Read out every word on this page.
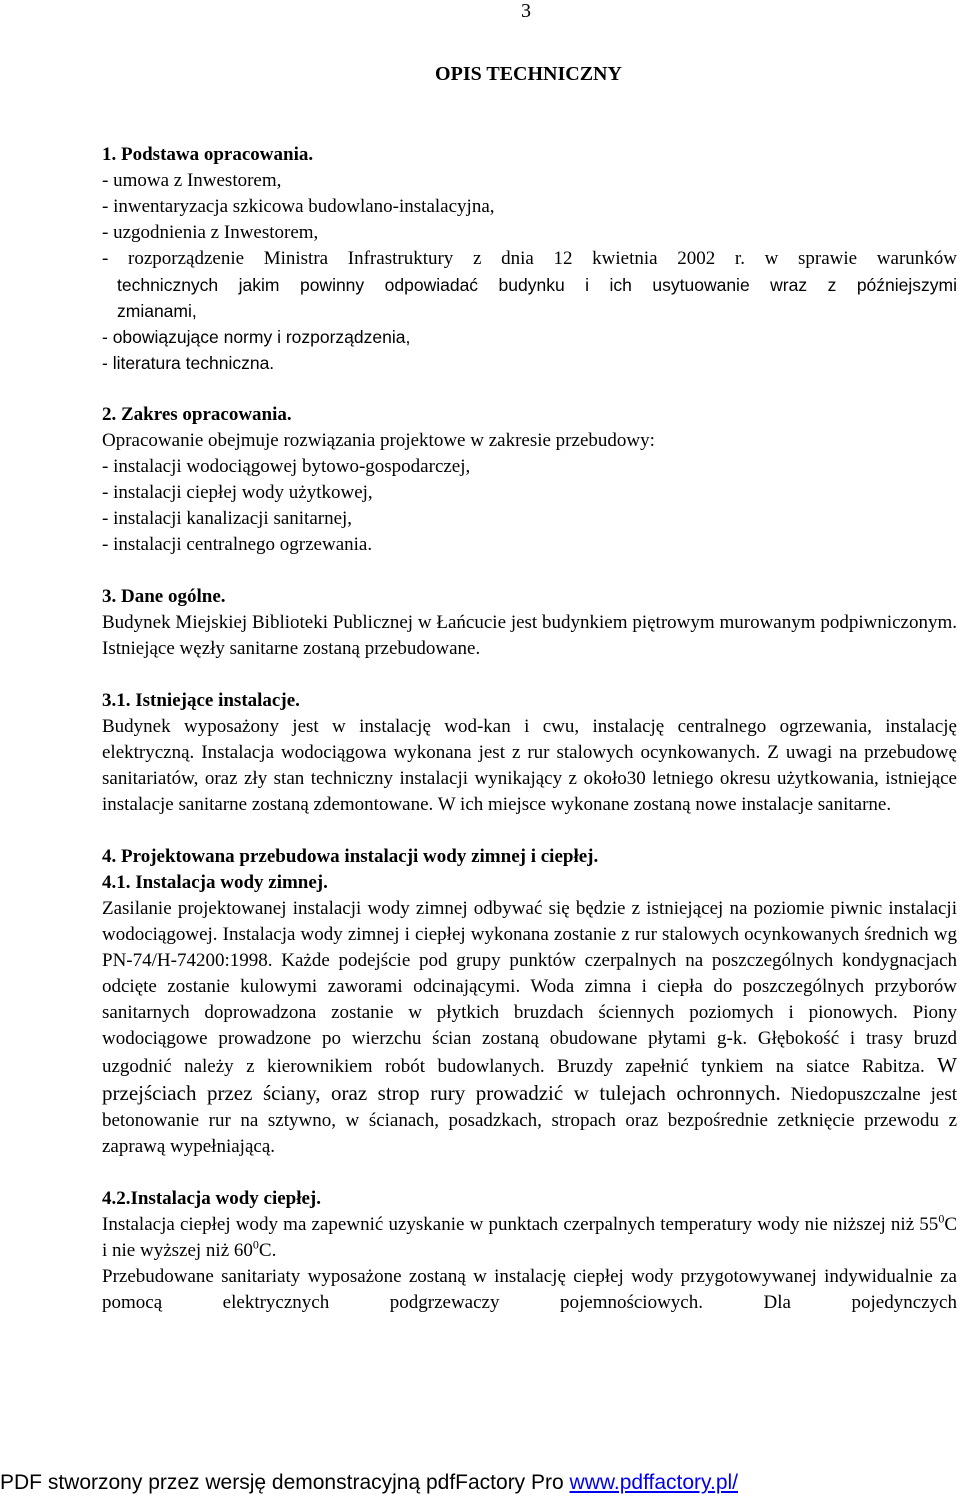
3
OPIS TECHNICZNY
1. Podstawa opracowania.
- umowa z Inwestorem,
- inwentaryzacja szkicowa budowlano-instalacyjna,
- uzgodnienia z Inwestorem,
- rozporządzenie Ministra Infrastruktury z dnia 12 kwietnia 2002 r. w sprawie warunków
technicznych jakim powinny odpowiadać budynku i ich usytuowanie wraz z późniejszymi
zmianami,
- obowiązujące normy i rozporządzenia,
- literatura techniczna.
2. Zakres opracowania.
Opracowanie obejmuje rozwiązania projektowe w zakresie przebudowy:
- instalacji wodociągowej bytowo-gospodarczej,
- instalacji ciepłej wody użytkowej,
- instalacji kanalizacji sanitarnej,
- instalacji centralnego ogrzewania.
3. Dane ogólne.
Budynek Miejskiej Biblioteki Publicznej w Łańcucie jest budynkiem piętrowym murowanym podpiwniczonym. Istniejące węzły sanitarne zostaną przebudowane.
3.1. Istniejące instalacje.
Budynek wyposażony jest w instalację wod-kan i cwu, instalację centralnego ogrzewania, instalację elektryczną. Instalacja wodociągowa wykonana jest z rur stalowych ocynkowanych. Z uwagi na przebudowę sanitariatów, oraz zły stan techniczny instalacji wynikający z około30 letniego okresu użytkowania, istniejące instalacje sanitarne zostaną zdemontowane. W ich miejsce wykonane zostaną nowe instalacje sanitarne.
4. Projektowana przebudowa instalacji wody zimnej i ciepłej.
4.1. Instalacja wody zimnej.
Zasilanie projektowanej instalacji wody zimnej odbywać się będzie z istniejącej na poziomie piwnic instalacji wodociągowej. Instalacja wody zimnej i ciepłej wykonana zostanie z rur stalowych ocynkowanych średnich wg PN-74/H-74200:1998. Każde podejście pod grupy punktów czerpalnych na poszczególnych kondygnacjach odcięte zostanie kulowymi zaworami odcinającymi. Woda zimna i ciepła do poszczególnych przyborów sanitarnych doprowadzona zostanie w płytkich bruzdach ściennych poziomych i pionowych. Piony wodociągowe prowadzone po wierzchu ścian zostaną obudowane płytami g-k. Głębokość i trasy bruzd uzgodnić należy z kierownikiem robót budowlanych. Bruzdy zapełnić tynkiem na siatce Rabitza. W przejściach przez ściany, oraz strop rury prowadzić w tulejach ochronnych. Niedopuszczalne jest betonowanie rur na sztywno, w ścianach, posadzkach, stropach oraz bezpośrednie zetknięcie przewodu z zaprawą wypełniającą.
4.2.Instalacja wody ciepłej.
Instalacja ciepłej wody ma zapewnić uzyskanie w punktach czerpalnych temperatury wody nie niższej niż $55^0C$ i nie wyższej niż $60^0C$.
Przebudowane sanitariaty wyposażone zostaną w instalację ciepłej wody przygotowywanej indywidualnie za pomocą elektrycznych podgrzewaczy pojemnościowych. Dla pojedynczych
PDF stworzony przez wersję demonstracyjną pdfFactory Pro www.pdffactory.pl/
